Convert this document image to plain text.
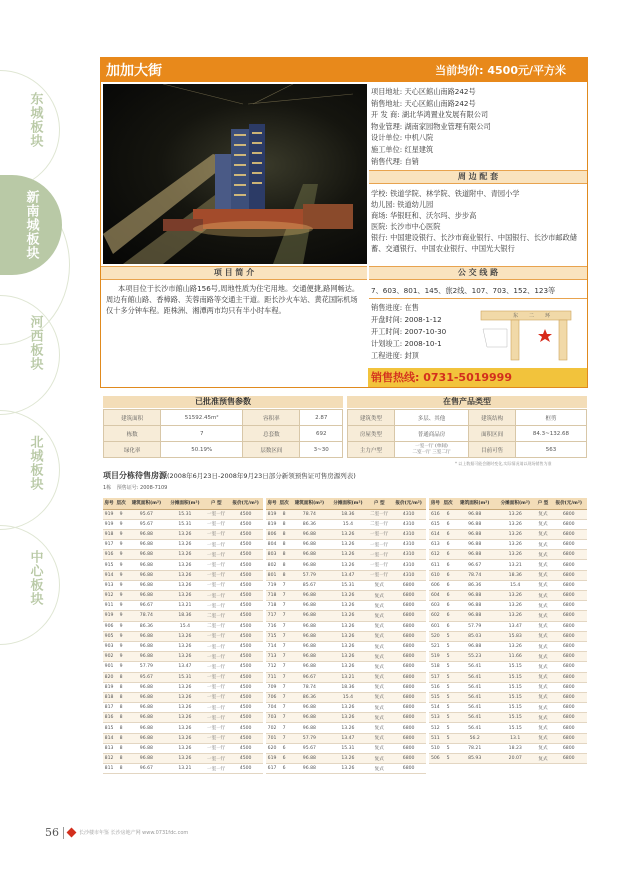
东城板块
新南城板块
河西板块
北城板块
中心板块
加加大街	当前均价: 4500元/平方米
项目地址: 天心区館山南路242号
销售地址: 天心区館山南路242号
开 发 商: 湖北华鸿置业发展有限公司
物业管理: 湖南家园物业管理有限公司
设计单位: 中机八院
施工单位: 红星建筑
销售代理: 自销
周 边 配 套
学校: 铁道学院、林学院、铁道附中、青园小学
幼儿园: 铁道幼儿园
商场: 华银旺和、沃尔玛、步步高
医院: 长沙市中心医院
银行: 中国建设银行、长沙市商业银行、中国银行、长沙市邮政储
蓄、交通银行、中国农业银行、中国光大银行
项 目 简 介
本项目位于长沙市館山路156号,周地性质为住宅用地。交通便捷,路网畅达。周边有館山路、香樟路、芙蓉南路等交通主干道。距长沙火车站、黄花国际机场仅十多分钟车程。距株洲、湘潭两市均只有半小时车程。
公 交 线 路
7、603、801、145、旅2线、107、703、152、123等
销售进度: 在售
开盘时间: 2008-1-12
开工时间: 2007-10-30
计划竣工: 2008-10-1
工程进度: 封顶
东 二 环
销售热线: 0731-5019999
已批准预售参数
建筑面积	51592.45m²	容积率	2.87
栋数	7	总套数	692
绿化率	50.19%	层数区间	3~30
在售产品类型
建筑类型	多层、其他	建筑结构	框剪
房屋类型	普通商品房	面积区间	84.3~132.68
主力户型	一室一厅 (单间)
二室一厅 三室二厅	目前可售	563
* 以上数据可能会随时变化,实际情况请以现场销售为准
项目分栋待售房源(2008年6月23日-2008年9月23日部分新领预售证可售房源列表)
1栋 预售证号: 2008-7109
房号	层次	建筑面积(m²)	分摊面积(m²)	户 型	报价(元/m²)
919	9	95.67	15.31	一室一厅	4500
919	9	95.67	15.31	一室一厅	4500
918	9	96.88	13.26	一室一厅	4500
917	9	96.88	13.26	一室一厅	4500
916	9	96.88	13.26	一室一厅	4500
915	9	96.88	13.26	一室一厅	4500
914	9	96.88	13.26	一室一厅	4500
913	9	96.88	13.26	一室一厅	4500
912	9	96.88	13.26	一室一厅	4500
911	9	96.67	13.21	一室一厅	4500
919	9	78.74	18.36	二室一厅	4500
906	9	86.36	15.4	二室一厅	4500
905	9	96.88	13.26	一室一厅	4500
903	9	96.88	13.26	一室一厅	4500
902	9	96.88	13.26	一室一厅	4500
901	9	57.79	13.47	一室一厅	4500
820	8	95.67	15.31	一室一厅	4500
819	8	96.88	13.26	一室一厅	4500
818	8	96.88	13.26	一室一厅	4500
817	8	96.88	13.26	一室一厅	4500
816	8	96.88	13.26	一室一厅	4500
815	8	96.88	13.26	一室一厅	4500
814	8	96.88	13.26	一室一厅	4500
813	8	96.88	13.26	一室一厅	4500
812	8	96.88	13.26	一室一厅	4500
811	8	96.67	13.21	一室一厅	4500
房号	层次	建筑面积(m²)	分摊面积(m²)	户 型	报价(元/m²)
819	8	78.74	18.36	二室一厅	4310
819	8	86.36	15.4	二室一厅	4310
806	8	96.88	13.26	一室一厅	4310
804	8	96.88	13.26	一室一厅	4310
803	8	96.88	13.26	一室一厅	4310
802	8	96.88	13.26	一室一厅	4310
801	8	57.79	13.47	一室一厅	4310
719	7	85.67	15.31	复式	6800
718	7	96.88	13.26	复式	6800
718	7	96.88	13.26	复式	6800
717	7	96.88	13.26	复式	6800
716	7	96.88	13.26	复式	6800
715	7	96.88	13.26	复式	6800
714	7	96.88	13.26	复式	6800
713	7	96.88	13.26	复式	6800
712	7	96.88	13.26	复式	6800
711	7	96.67	13.21	复式	6800
709	7	78.74	18.36	复式	6800
706	7	86.36	15.4	复式	6800
704	7	96.88	13.26	复式	6800
703	7	96.88	13.26	复式	6800
702	7	96.88	13.26	复式	6800
701	7	57.79	13.47	复式	6800
620	6	95.67	15.31	复式	6800
619	6	96.88	13.26	复式	6800
617	6	96.88	13.26	复式	6800
房号	层次	建筑面积(m²)	分摊面积(m²)	户 型	报价(元/m²)
616	6	96.88	13.26	复式	6800
615	6	96.88	13.26	复式	6800
614	6	96.88	13.26	复式	6800
613	6	96.88	13.26	复式	6800
612	6	96.88	13.26	复式	6800
611	6	96.67	13.21	复式	6800
610	6	78.74	18.36	复式	6800
606	6	86.36	15.4	复式	6800
604	6	96.88	13.26	复式	6800
603	6	96.88	13.26	复式	6800
602	6	96.88	13.26	复式	6800
601	6	57.79	13.47	复式	6800
520	5	85.03	15.83	复式	6800
521	5	96.88	13.26	复式	6800
519	5	55.23	11.66	复式	6800
518	5	56.41	15.15	复式	6800
517	5	56.41	15.15	复式	6800
516	5	56.41	15.15	复式	6800
515	5	56.41	15.15	复式	6800
514	5	56.41	15.15	复式	6800
513	5	56.41	15.15	复式	6800
512	5	56.41	15.15	复式	6800
511	5	56.2	13.1	复式	6800
510	5	78.21	18.23	复式	6800
506	5	85.93	20.07	复式	6800
56	长沙楼市年鉴 长沙房地产网 www.0731fdc.com
